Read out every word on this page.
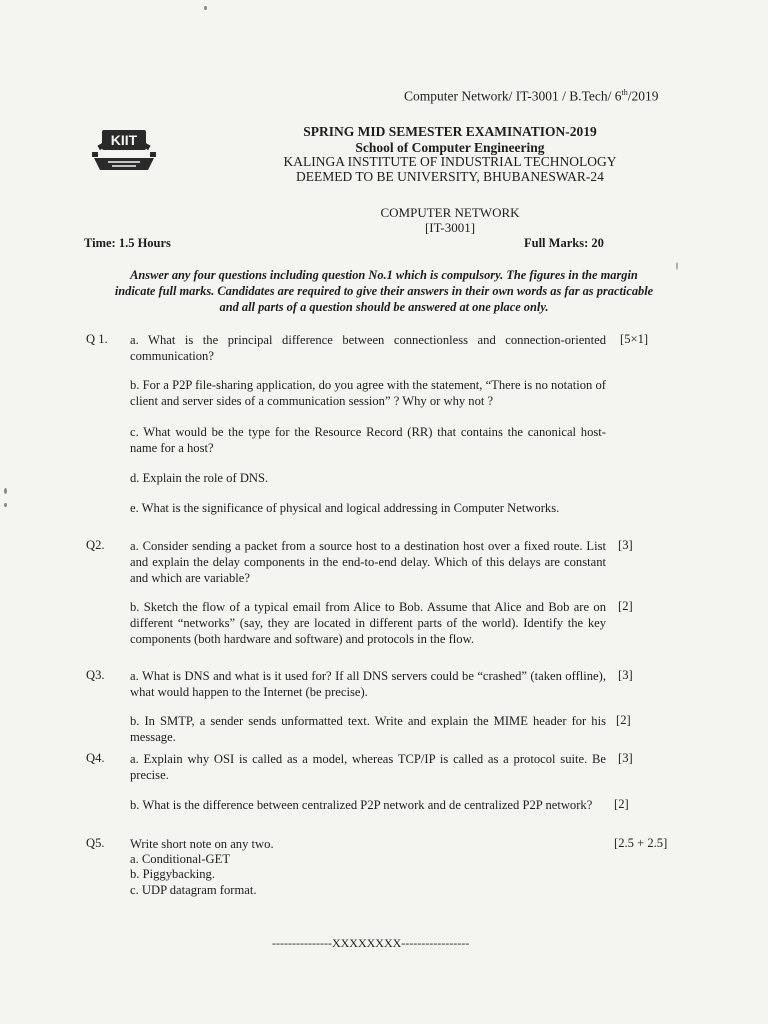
Computer Network/ IT-3001 / B.Tech/ 6th/2019
KIIT
SPRING MID SEMESTER EXAMINATION-2019
School of Computer Engineering
KALINGA INSTITUTE OF INDUSTRIAL TECHNOLOGY
DEEMED TO BE UNIVERSITY, BHUBANESWAR-24
COMPUTER NETWORK
[IT-3001]
Time: 1.5 Hours	Full Marks: 20
Answer any four questions including question No.1 which is compulsory. The figures in the margin
indicate full marks. Candidates are required to give their answers in their own words as far as practicable
and all parts of a question should be answered at one place only.
Q 1. a. What is the principal difference between connectionless and connection-oriented communication?
[5×1]
b. For a P2P file-sharing application, do you agree with the statement, “There is no notation of client and server sides of a communication session” ? Why or why not ?
c. What would be the type for the Resource Record (RR) that contains the canonical host-name for a host?
d. Explain the role of DNS.
e. What is the significance of physical and logical addressing in Computer Networks.
Q2. a. Consider sending a packet from a source host to a destination host over a fixed route. List and explain the delay components in the end-to-end delay. Which of this delays are constant and which are variable?
[3]
b. Sketch the flow of a typical email from Alice to Bob. Assume that Alice and Bob are on different “networks” (say, they are located in different parts of the world). Identify the key components (both hardware and software) and protocols in the flow.
[2]
Q3. a. What is DNS and what is it used for? If all DNS servers could be “crashed” (taken offline), what would happen to the Internet (be precise).
[3]
b. In SMTP, a sender sends unformatted text. Write and explain the MIME header for his message.
[2]
Q4. a. Explain why OSI is called as a model, whereas TCP/IP is called as a protocol suite. Be precise.
[3]
b. What is the difference between centralized P2P network and de centralized P2P network?	[2]
Q5. Write short note on any two.	[2.5 + 2.5]
a. Conditional-GET
b. Piggybacking.
c. UDP datagram format.
---------------XXXXXXXX-----------------
